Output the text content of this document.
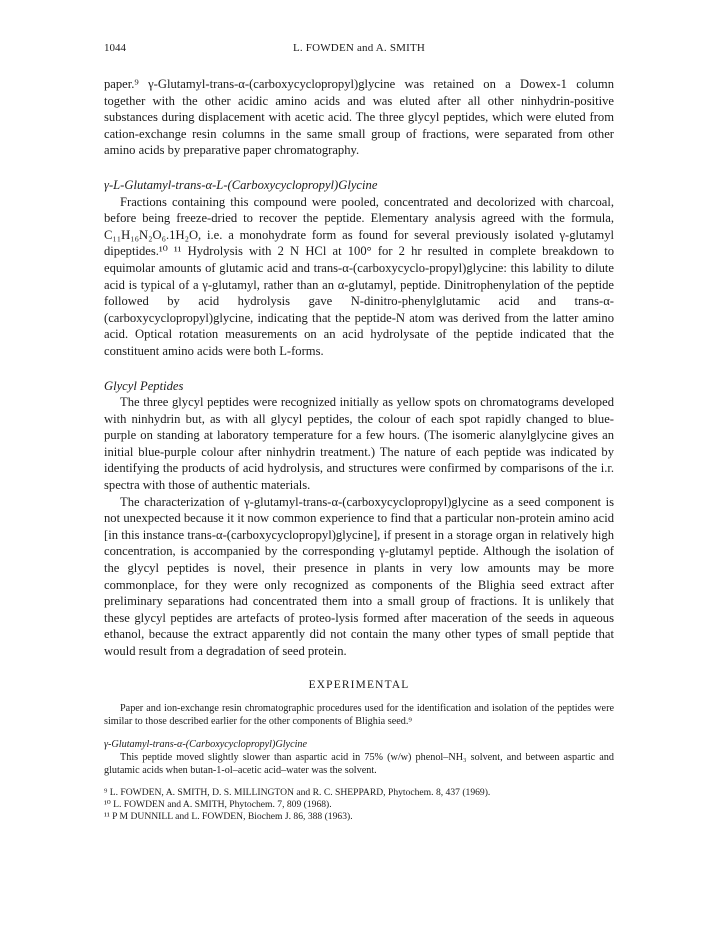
1044	L. FOWDEN and A. SMITH

paper.⁹ γ-Glutamyl-trans-α-(carboxycyclopropyl)glycine was retained on a Dowex-1 column together with the other acidic amino acids and was eluted after all other ninhydrin-positive substances during displacement with acetic acid. The three glycyl peptides, which were eluted from cation-exchange resin columns in the same small group of fractions, were separated from other amino acids by preparative paper chromatography.

γ-L-Glutamyl-trans-α-L-(Carboxycyclopropyl)Glycine

Fractions containing this compound were pooled, concentrated and decolorized with charcoal, before being freeze-dried to recover the peptide. Elementary analysis agreed with the formula, C₁₁H₁₆N₂O₆.1H₂O, i.e. a monohydrate form as found for several previously isolated γ-glutamyl dipeptides.¹⁰ ¹¹ Hydrolysis with 2 N HCl at 100° for 2 hr resulted in complete breakdown to equimolar amounts of glutamic acid and trans-α-(carboxycyclo-propyl)glycine: this lability to dilute acid is typical of a γ-glutamyl, rather than an α-glutamyl, peptide. Dinitrophenylation of the peptide followed by acid hydrolysis gave N-dinitro-phenylglutamic acid and trans-α-(carboxycyclopropyl)glycine, indicating that the peptide-N atom was derived from the latter amino acid. Optical rotation measurements on an acid hydrolysate of the peptide indicated that the constituent amino acids were both L-forms.

Glycyl Peptides

The three glycyl peptides were recognized initially as yellow spots on chromatograms developed with ninhydrin but, as with all glycyl peptides, the colour of each spot rapidly changed to blue-purple on standing at laboratory temperature for a few hours. (The isomeric alanylglycine gives an initial blue-purple colour after ninhydrin treatment.) The nature of each peptide was indicated by identifying the products of acid hydrolysis, and structures were confirmed by comparisons of the i.r. spectra with those of authentic materials.

The characterization of γ-glutamyl-trans-α-(carboxycyclopropyl)glycine as a seed component is not unexpected because it it now common experience to find that a particular non-protein amino acid [in this instance trans-α-(carboxycyclopropyl)glycine], if present in a storage organ in relatively high concentration, is accompanied by the corresponding γ-glutamyl peptide. Although the isolation of the glycyl peptides is novel, their presence in plants in very low amounts may be more commonplace, for they were only recognized as components of the Blighia seed extract after preliminary separations had concentrated them into a small group of fractions. It is unlikely that these glycyl peptides are artefacts of proteo-lysis formed after maceration of the seeds in aqueous ethanol, because the extract apparently did not contain the many other types of small peptide that would result from a degradation of seed protein.

EXPERIMENTAL

Paper and ion-exchange resin chromatographic procedures used for the identification and isolation of the peptides were similar to those described earlier for the other components of Blighia seed.⁹

γ-Glutamyl-trans-α-(Carboxycyclopropyl)Glycine

This peptide moved slightly slower than aspartic acid in 75% (w/w) phenol–NH₃ solvent, and between aspartic and glutamic acids when butan-1-ol–acetic acid–water was the solvent.

⁹ L. FOWDEN, A. SMITH, D. S. MILLINGTON and R. C. SHEPPARD, Phytochem. 8, 437 (1969).
¹⁰ L. FOWDEN and A. SMITH, Phytochem. 7, 809 (1968).
¹¹ P M DUNNILL and L. FOWDEN, Biochem J. 86, 388 (1963).
